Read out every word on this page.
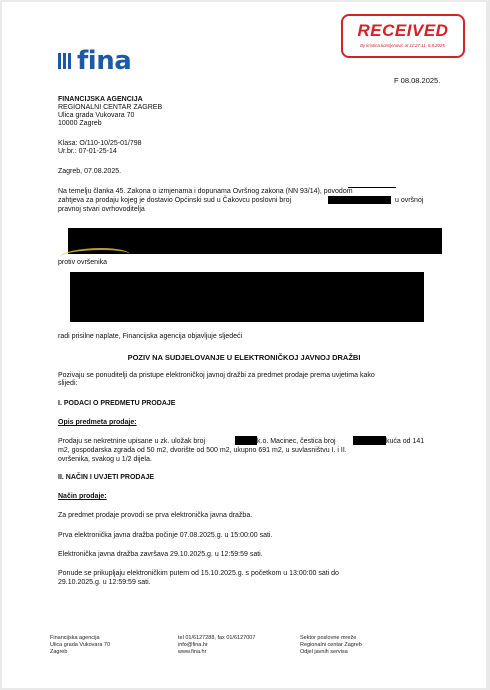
RECEIVED
By kristina.komljenovic at 11:27:11, 8.8.2025.
fina
F 08.08.2025.
FINANCIJSKA AGENCIJA
REGIONALNI CENTAR ZAGREB
Ulica grada Vukovara 70
10000 Zagreb
Klasa: O/110-10/25-01/798
Ur.br.: 07-01-25-14
Zagreb, 07.08.2025.
Na temelju članka 45. Zakona o izmjenama i dopunama Ovršnog zakona (NN 93/14), povodom
zahtjeva za prodaju kojeg je dostavio Općinski sud u Čakovcu poslovni broj	u ovršnoj
pravnoj stvari ovrhovoditelja
protiv ovršenika
radi prisilne naplate, Financijska agencija objavljuje sljedeći
POZIV NA SUDJELOVANJE U ELEKTRONIČKOJ JAVNOJ DRAŽBI
Pozivaju se ponuditelji da pristupe elektroničkoj javnoj dražbi za predmet prodaje prema uvjetima kako
slijedi:
I. PODACI O PREDMETU PRODAJE
Opis predmeta prodaje:
Prodaju se nekretnine upisane u zk. uložak broj	k.o. Macinec, čestica broj	kuća od 141
m2, gospodarska zgrada od 50 m2, dvorište od 500 m2, ukupno 691 m2, u suvlasništvu I. i II.
ovršenika, svakog u 1/2 dijela.
II. NAČIN I UVJETI PRODAJE
Način prodaje:
Za predmet prodaje provodi se prva elektronička javna dražba.
Prva elektronička javna dražba počinje 07.08.2025.g. u 15:00:00 sati.
Elektronička javna dražba završava 29.10.2025.g. u 12:59:59 sati.
Ponude se prikupljaju elektroničkim putem od 15.10.2025.g. s početkom u 13:00:00 sati do
29.10.2025.g. u 12:59:59 sati.
Financijska agencija
Ulica grada Vukovara 70
Zagreb
tel 01/6127288, fax 01/6127007
info@fina.hr
www.fina.hr
Sektor poslovne mreže
Regionalni centar Zagreb
Odjel javnih servisa
